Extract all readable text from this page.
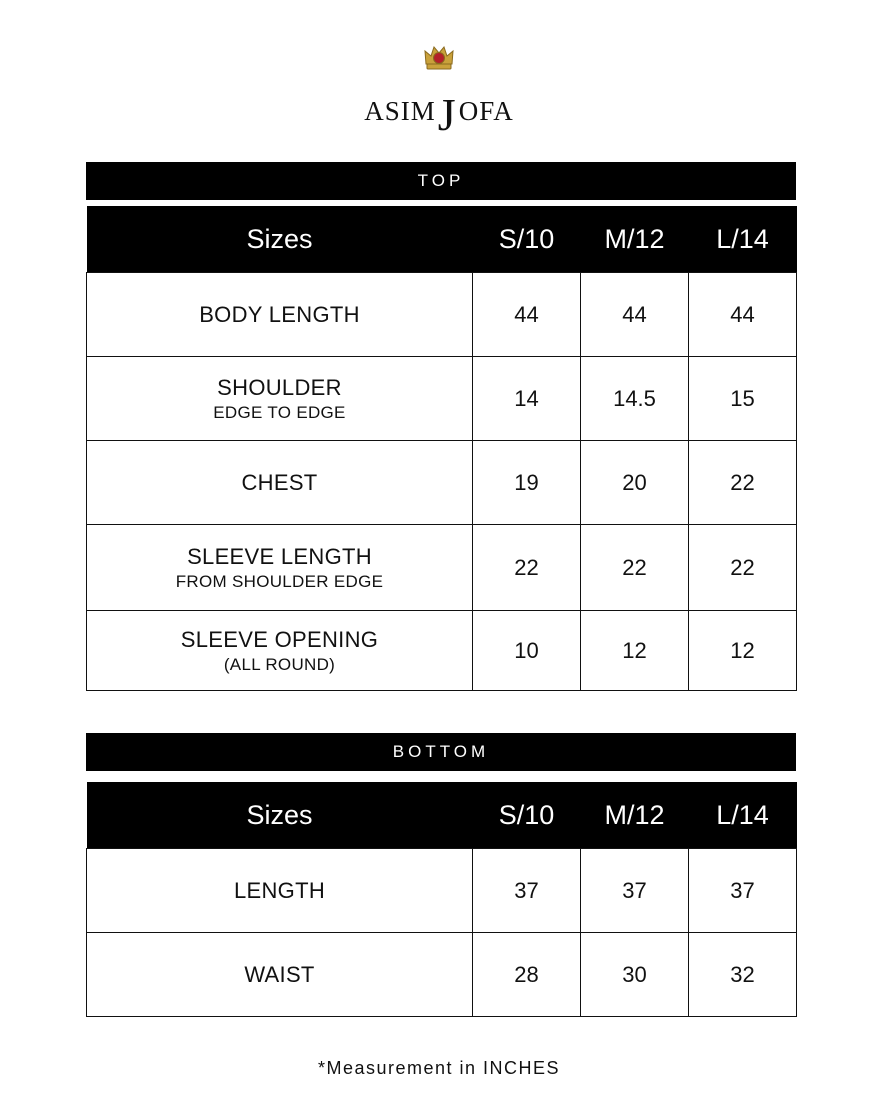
ASIMJOFA
TOP
Sizes	S/10	M/12	L/14

BODY LENGTH	44	44	44

SHOULDER
EDGE TO EDGE	14	14.5	15

CHEST	19	20	22

SLEEVE LENGTH
FROM SHOULDER EDGE	22	22	22

SLEEVE OPENING
(ALL ROUND)	10	12	12
BOTTOM
Sizes	S/10	M/12	L/14

LENGTH	37	37	37

WAIST	28	30	32
*Measurement in INCHES
